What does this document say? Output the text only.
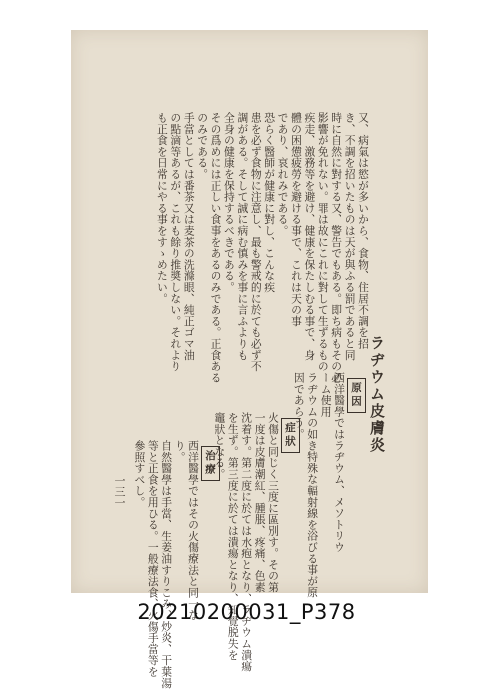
又、病氣は慾が多いから、食物、住居不調を招
き、不調を招いたものは天が與ふる罰であると同
時に自然に對する又、警告でもある。即ち病もその必
影響が免れない。罪は故にこれに對して生ずるもの
疾走、激務等を避け、健康を保たしむる事で、身
體の困憊疲勞を避ける事で、これは天の事
であり、哀れみである。
恐らく醫師が健康に對し、こんな疾
患を必ず食物に注意し、最も警戒的に於ても必ず不
調がある。そして誠に病む慎みを事に言ふよりも
全身の健康を保持するべきである。
その爲めには正しい食事をあるのみである。正食ある
のみである。
手當としては番茶又は麦茶の洗滌眼、純正ゴマ油
の點滴等あるが、これも餘り推奬しない。それより
も正食を日常にやる事をすゝめたい。
ラヂウム皮膚炎
原因
西洋醫學ではラヂウム、メソトリウ
ーム使用
ラヂウムの如き特殊な輻射線を浴びる事が原
因であらう。
症狀
火傷と同じく三度に區別す。その第
一度は皮膚潮紅、腫脹、疼痛、色素
沈着す。第二度に於ては水疱となり、ラヂウム潰瘍
を生ず。第三度に於ては潰瘍となり、知覺脱失を
竈狀となる。
治療
西洋醫學ではその火傷療法と同一な
り。
自然醫學は手當、生姜油すりこみ、炒炎、干葉湯
等と正食を用ひる。一般療法食、火傷手當等を
參照すべし。
一三一
20210200031_P378
